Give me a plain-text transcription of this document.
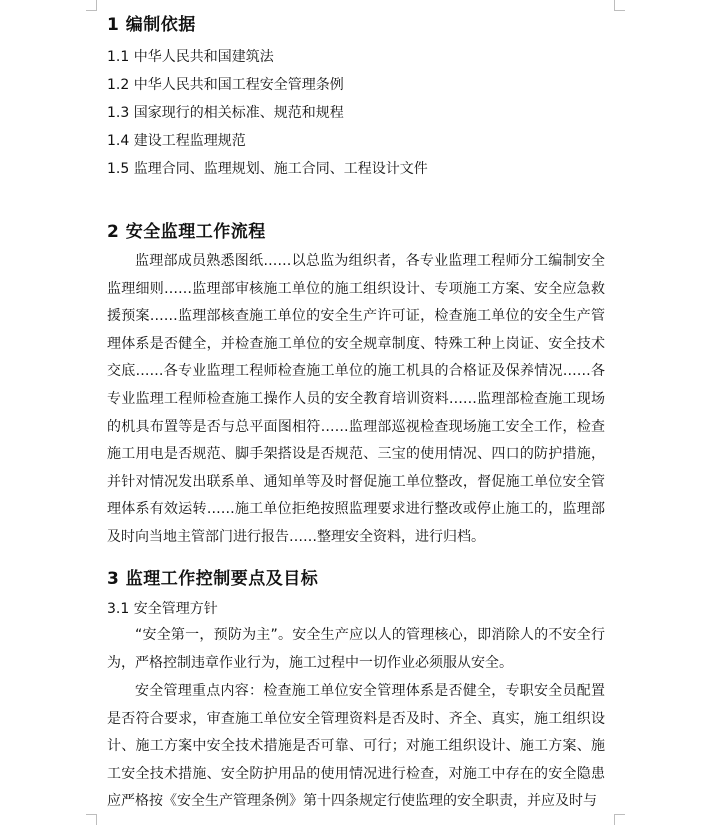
1 编制依据
1.1 中华人民共和国建筑法
1.2 中华人民共和国工程安全管理条例
1.3 国家现行的相关标准、规范和规程
1.4 建设工程监理规范
1.5 监理合同、监理规划、施工合同、工程设计文件
2 安全监理工作流程

监理部成员熟悉图纸……以总监为组织者，各专业监理工程师分工编制安全监理细则……监理部审核施工单位的施工组织设计、专项施工方案、安全应急救援预案……监理部核查施工单位的安全生产许可证，检查施工单位的安全生产管理体系是否健全，并检查施工单位的安全规章制度、特殊工种上岗证、安全技术交底……各专业监理工程师检查施工单位的施工机具的合格证及保养情况……各专业监理工程师检查施工操作人员的安全教育培训资料……监理部检查施工现场的机具布置等是否与总平面图相符……监理部巡视检查现场施工安全工作，检查施工用电是否规范、脚手架搭设是否规范、三宝的使用情况、四口的防护措施，并针对情况发出联系单、通知单等及时督促施工单位整改，督促施工单位安全管理体系有效运转……施工单位拒绝按照监理要求进行整改或停止施工的，监理部及时向当地主管部门进行报告……整理安全资料，进行归档。

3 监理工作控制要点及目标
3.1 安全管理方针

“安全第一，预防为主”。安全生产应以人的管理核心，即消除人的不安全行为，严格控制违章作业行为，施工过程中一切作业必须服从安全。

安全管理重点内容：检查施工单位安全管理体系是否健全，专职安全员配置是否符合要求，审查施工单位安全管理资料是否及时、齐全、真实，施工组织设计、施工方案中安全技术措施是否可靠、可行；对施工组织设计、施工方案、施工安全技术措施、安全防护用品的使用情况进行检查，对施工中存在的安全隐患应严格按《安全生产管理条例》第十四条规定行使监理的安全职责，并应及时与
